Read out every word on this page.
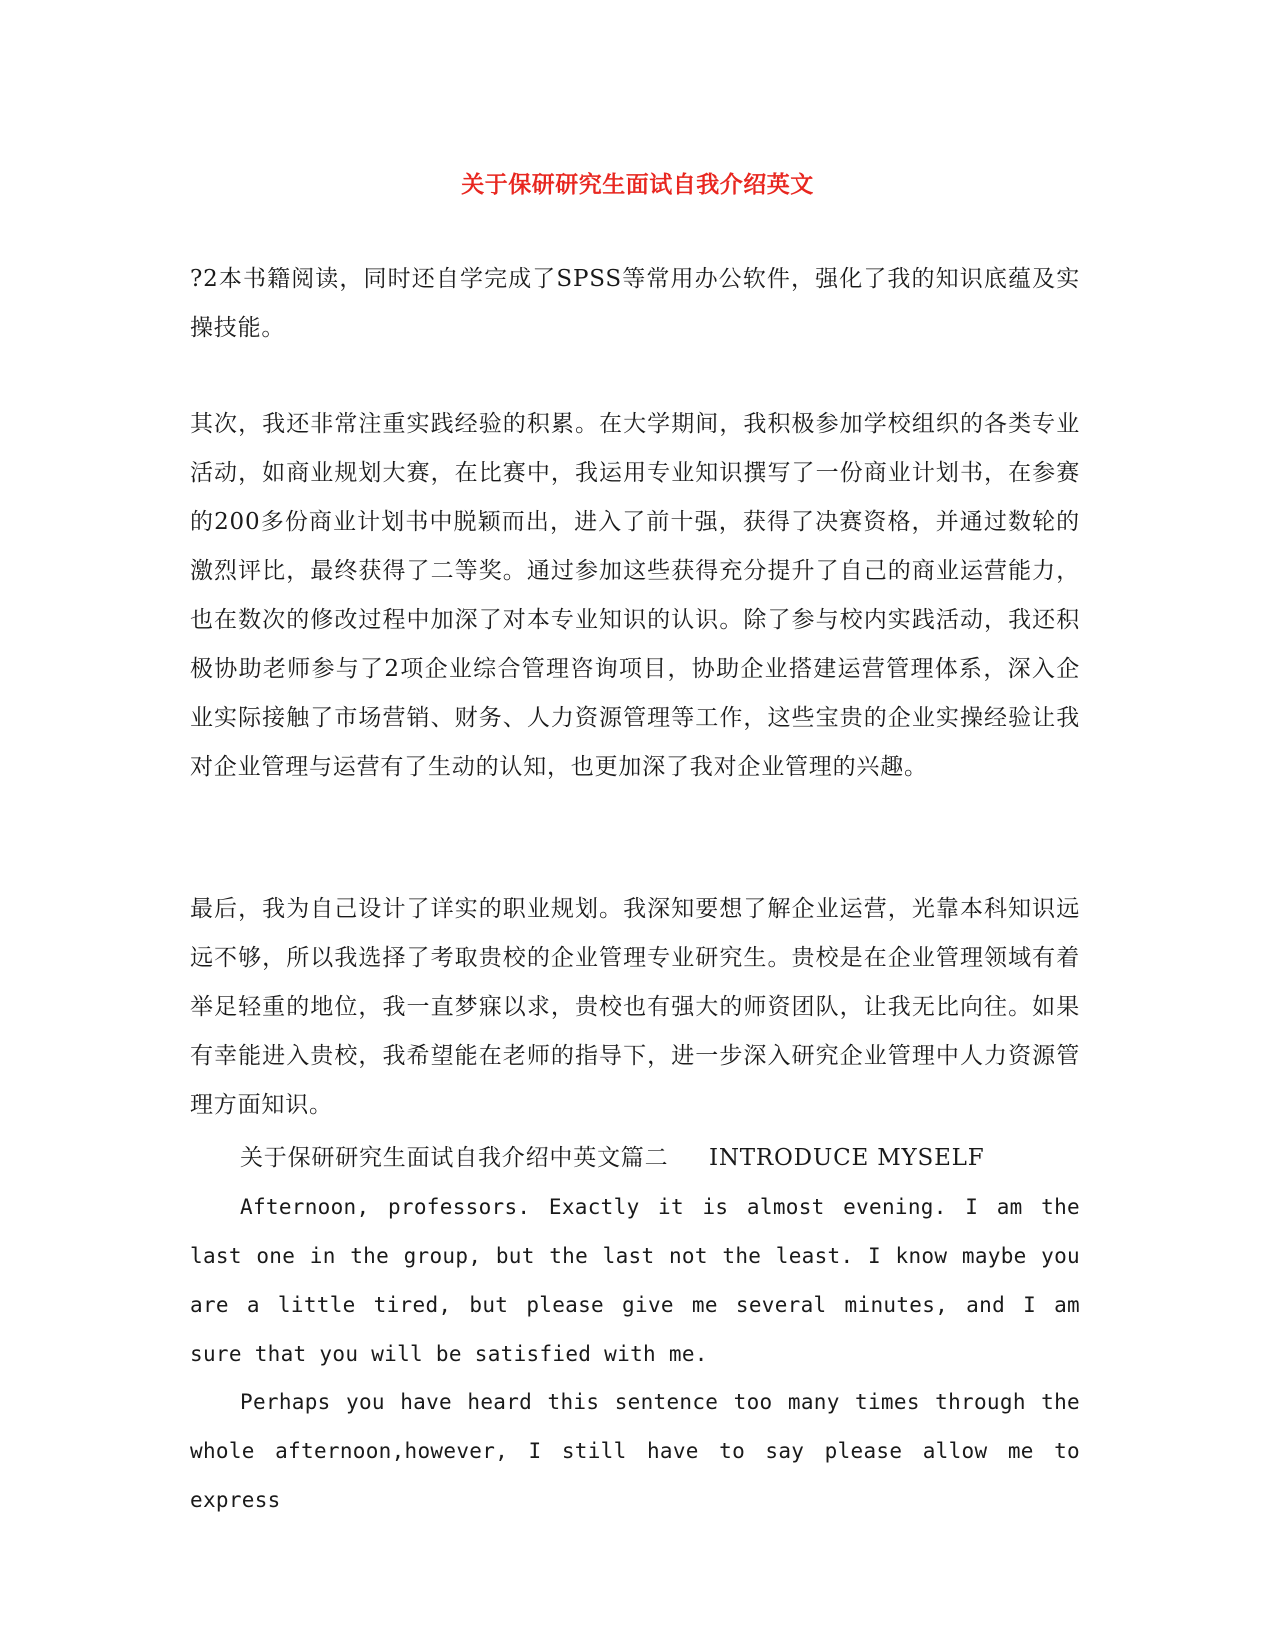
关于保研研究生面试自我介绍英文

?2本书籍阅读，同时还自学完成了SPSS等常用办公软件，强化了我的知识底蕴及实操技能。

其次，我还非常注重实践经验的积累。在大学期间，我积极参加学校组织的各类专业活动，如商业规划大赛，在比赛中，我运用专业知识撰写了一份商业计划书，在参赛的200多份商业计划书中脱颖而出，进入了前十强，获得了决赛资格，并通过数轮的激烈评比，最终获得了二等奖。通过参加这些获得充分提升了自己的商业运营能力，也在数次的修改过程中加深了对本专业知识的认识。除了参与校内实践活动，我还积极协助老师参与了2项企业综合管理咨询项目，协助企业搭建运营管理体系，深入企业实际接触了市场营销、财务、人力资源管理等工作，这些宝贵的企业实操经验让我对企业管理与运营有了生动的认知，也更加深了我对企业管理的兴趣。

最后，我为自己设计了详实的职业规划。我深知要想了解企业运营，光靠本科知识远远不够，所以我选择了考取贵校的企业管理专业研究生。贵校是在企业管理领域有着举足轻重的地位，我一直梦寐以求，贵校也有强大的师资团队，让我无比向往。如果有幸能进入贵校，我希望能在老师的指导下，进一步深入研究企业管理中人力资源管理方面知识。

关于保研研究生面试自我介绍中英文篇二     INTRODUCE MYSELF

Afternoon, professors. Exactly it is almost evening. I am the last one in the group, but the last not the least. I know maybe you are a little tired, but please give me several minutes, and I am sure that you will be satisfied with me.

Perhaps you have heard this sentence too many times through the whole afternoon,however, I still have to say please allow me to express
